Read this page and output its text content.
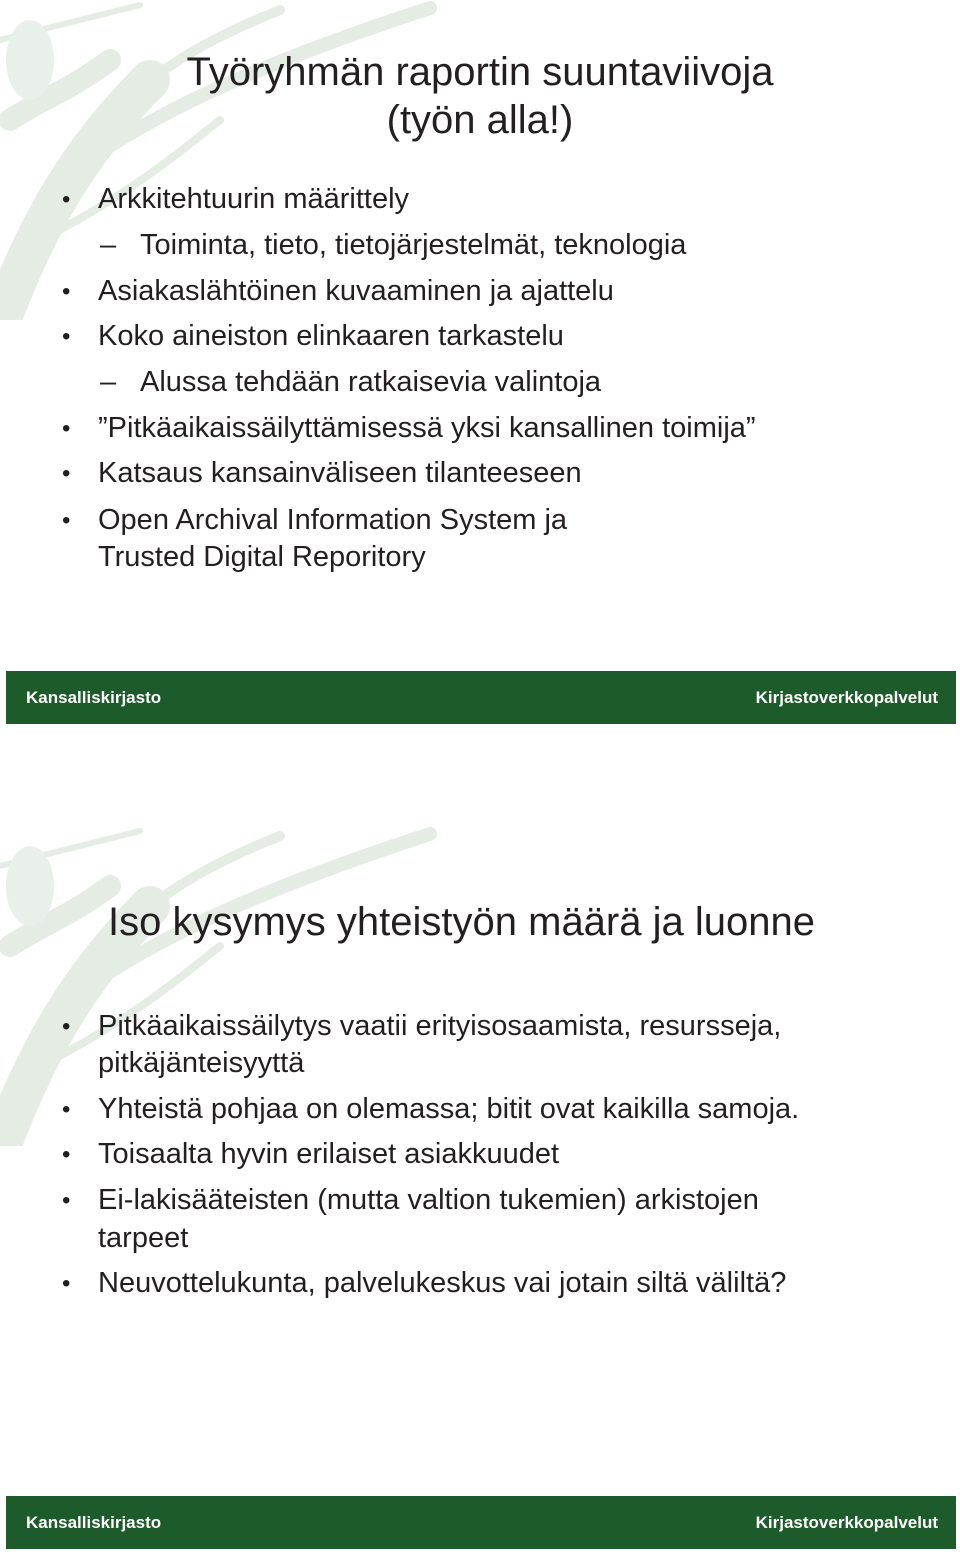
Työryhmän raportin suuntaviivoja
(työn alla!)
• Arkkitehtuurin määrittely
– Toiminta, tieto, tietojärjestelmät, teknologia
• Asiakaslähtöinen kuvaaminen ja ajattelu
• Koko aineiston elinkaaren tarkastelu
– Alussa tehdään ratkaisevia valintoja
• ”Pitkäaikaissäilyttämisessä yksi kansallinen toimija”
• Katsaus kansainväliseen tilanteeseen
• Open Archival Information System ja
Trusted Digital Reporitory
Kansalliskirjasto	Kirjastoverkkopalvelut
Iso kysymys yhteistyön määrä ja luonne
• Pitkäaikaissäilytys vaatii erityisosaamista, resursseja,
pitkäjänteisyyttä
• Yhteistä pohjaa on olemassa; bitit ovat kaikilla samoja.
• Toisaalta hyvin erilaiset asiakkuudet
• Ei-lakisääteisten (mutta valtion tukemien) arkistojen
tarpeet
• Neuvottelukunta, palvelukeskus vai jotain siltä väliltä?
Kansalliskirjasto	Kirjastoverkkopalvelut
